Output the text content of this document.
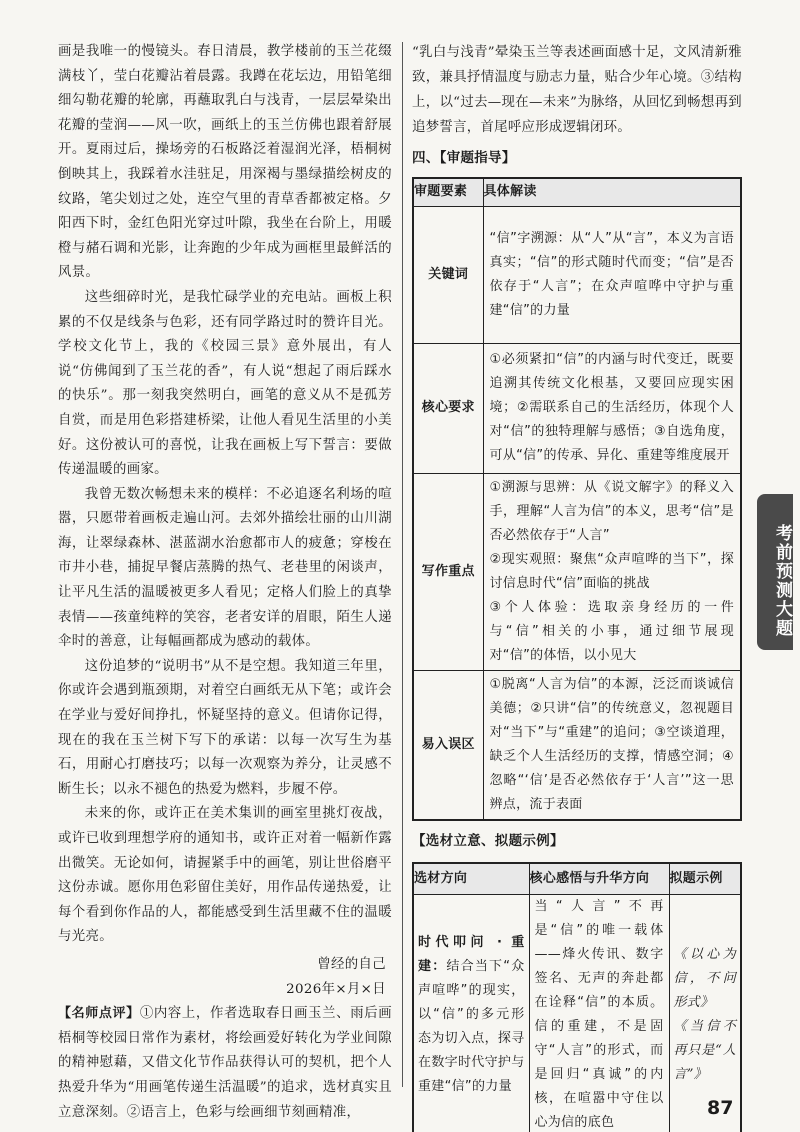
画是我唯一的慢镜头。春日清晨，教学楼前的玉兰花缀满枝丫，莹白花瓣沾着晨露。我蹲在花坛边，用铅笔细细勾勒花瓣的轮廓，再蘸取乳白与浅青，一层层晕染出花瓣的莹润——风一吹，画纸上的玉兰仿佛也跟着舒展开。夏雨过后，操场旁的石板路泛着湿润光泽，梧桐树倒映其上，我踩着水洼驻足，用深褐与墨绿描绘树皮的纹路，笔尖划过之处，连空气里的青草香都被定格。夕阳西下时，金红色阳光穿过叶隙，我坐在台阶上，用暖橙与赭石调和光影，让奔跑的少年成为画框里最鲜活的风景。

这些细碎时光，是我忙碌学业的充电站。画板上积累的不仅是线条与色彩，还有同学路过时的赞许目光。学校文化节上，我的《校园三景》意外展出，有人说“仿佛闻到了玉兰花的香”，有人说“想起了雨后踩水的快乐”。那一刻我突然明白，画笔的意义从不是孤芳自赏，而是用色彩搭建桥梁，让他人看见生活里的小美好。这份被认可的喜悦，让我在画板上写下誓言：要做传递温暖的画家。

我曾无数次畅想未来的模样：不必追逐名利场的喧嚣，只愿带着画板走遍山河。去郊外描绘壮丽的山川湖海，让翠绿森林、湛蓝湖水治愈都市人的疲惫；穿梭在市井小巷，捕捉早餐店蒸腾的热气、老巷里的闲谈声，让平凡生活的温暖被更多人看见；定格人们脸上的真挚表情——孩童纯粹的笑容，老者安详的眉眼，陌生人递伞时的善意，让每幅画都成为感动的载体。

这份追梦的“说明书”从不是空想。我知道三年里，你或许会遇到瓶颈期，对着空白画纸无从下笔；或许会在学业与爱好间挣扎，怀疑坚持的意义。但请你记得，现在的我在玉兰树下写下的承诺：以每一次写生为基石，用耐心打磨技巧；以每一次观察为养分，让灵感不断生长；以永不褪色的热爱为燃料，步履不停。

未来的你，或许正在美术集训的画室里挑灯夜战，或许已收到理想学府的通知书，或许正对着一幅新作露出微笑。无论如何，请握紧手中的画笔，别让世俗磨平这份赤诚。愿你用色彩留住美好，用作品传递热爱，让每个看到你作品的人，都能感受到生活里藏不住的温暖与光亮。

曾经的自己

2026年×月×日

【名师点评】①内容上，作者选取春日画玉兰、雨后画梧桐等校园日常作为素材，将绘画爱好转化为学业间隙的精神慰藉，又借文化节作品获得认可的契机，把个人热爱升华为“用画笔传递生活温暖”的追求，选材真实且立意深刻。②语言上，色彩与绘画细节刻画精准，

“乳白与浅青”晕染玉兰等表述画面感十足，文风清新雅致，兼具抒情温度与励志力量，贴合少年心境。③结构上，以“过去—现在—未来”为脉络，从回忆到畅想再到追梦誓言，首尾呼应形成逻辑闭环。

四、【审题指导】
审题要素	具体解读
关键词	“信”字溯源：从“人”从“言”，本义为言语真实；“信”的形式随时代而变；“信”是否依存于“人言”；在众声喧哗中守护与重建“信”的力量

核心要求	①必须紧扣“信”的内涵与时代变迁，既要追溯其传统文化根基，又要回应现实困境；②需联系自己的生活经历，体现个人对“信”的独特理解与感悟；③自选角度，可从“信”的传承、异化、重建等维度展开

写作重点	①溯源与思辨：从《说文解字》的释义入手，理解“人言为信”的本义，思考“信”是否必然依存于“人言”

②现实观照：聚焦“众声喧哗的当下”，探讨信息时代“信”面临的挑战

③个人体验：选取亲身经历的一件与“信”相关的小事，通过细节展现对“信”的体悟，以小见大

易入误区	①脱离“人言为信”的本源，泛泛而谈诚信美德；②只讲“信”的传统意义，忽视题目对“当下”与“重建”的追问；③空谈道理，缺乏个人生活经历的支撑，情感空洞；④忽略“‘信’是否必然依存于‘人言’”这一思辨点，流于表面

【选材立意、拟题示例】
选材方向	核心感悟与升华方向	拟题示例
时代叩问 · 重建：结合当下“众声喧哗”的现实，以“信”的多元形态为切入点，探寻在数字时代守护与重建“信”的力量	当“人言”不再是“信”的唯一载体——烽火传讯、数字签名、无声的奔赴都在诠释“信”的本质。信的重建，不是固守“人言”的形式，而是回归“真诚”的内核，在喧嚣中守住以心为信的底色	《以心为信，不问形式》

《当信不再只是“人言”》

考前预测大题
87
